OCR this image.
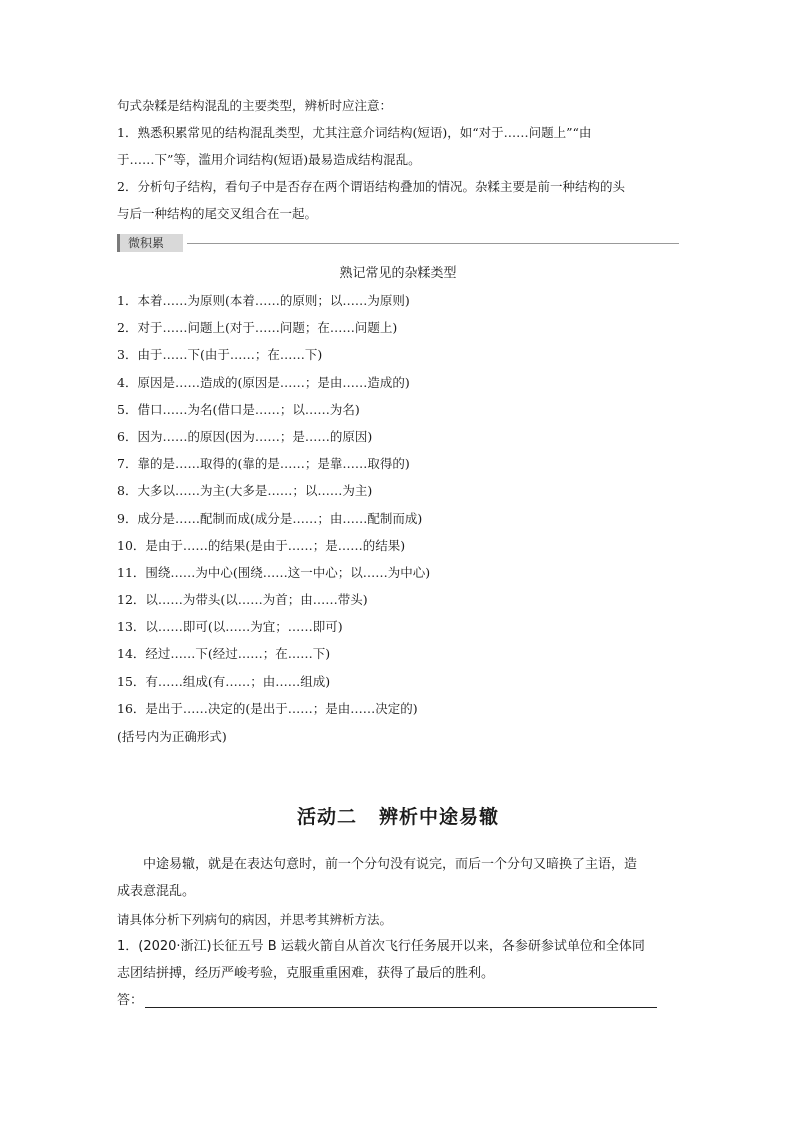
句式杂糅是结构混乱的主要类型，辨析时应注意：

1．熟悉积累常见的结构混乱类型，尤其注意介词结构(短语)，如“对于……问题上”“由

于……下”等，滥用介词结构(短语)最易造成结构混乱。

2．分析句子结构，看句子中是否存在两个谓语结构叠加的情况。杂糅主要是前一种结构的头

与后一种结构的尾交叉组合在一起。

微积累
熟记常见的杂糅类型
1．本着……为原则(本着……的原则；以……为原则)
2．对于……问题上(对于……问题；在……问题上)
3．由于……下(由于……；在……下)
4．原因是……造成的(原因是……；是由……造成的)
5．借口……为名(借口是……；以……为名)
6．因为……的原因(因为……；是……的原因)
7．靠的是……取得的(靠的是……；是靠……取得的)
8．大多以……为主(大多是……；以……为主)
9．成分是……配制而成(成分是……；由……配制而成)
10．是由于……的结果(是由于……；是……的结果)
11．围绕……为中心(围绕……这一中心；以……为中心)
12．以……为带头(以……为首；由……带头)
13．以……即可(以……为宜；……即可)
14．经过……下(经过……；在……下)
15．有……组成(有……；由……组成)
16．是出于……决定的(是出于……；是由……决定的)
(括号内为正确形式)
活动二 辨析中途易辙

中途易辙，就是在表达句意时，前一个分句没有说完，而后一个分句又暗换了主语，造

成表意混乱。

请具体分析下列病句的病因，并思考其辨析方法。

1．(2020·浙江)长征五号 B 运载火箭自从首次飞行任务展开以来，各参研参试单位和全体同

志团结拼搏，经历严峻考验，克服重重困难，获得了最后的胜利。

答：
